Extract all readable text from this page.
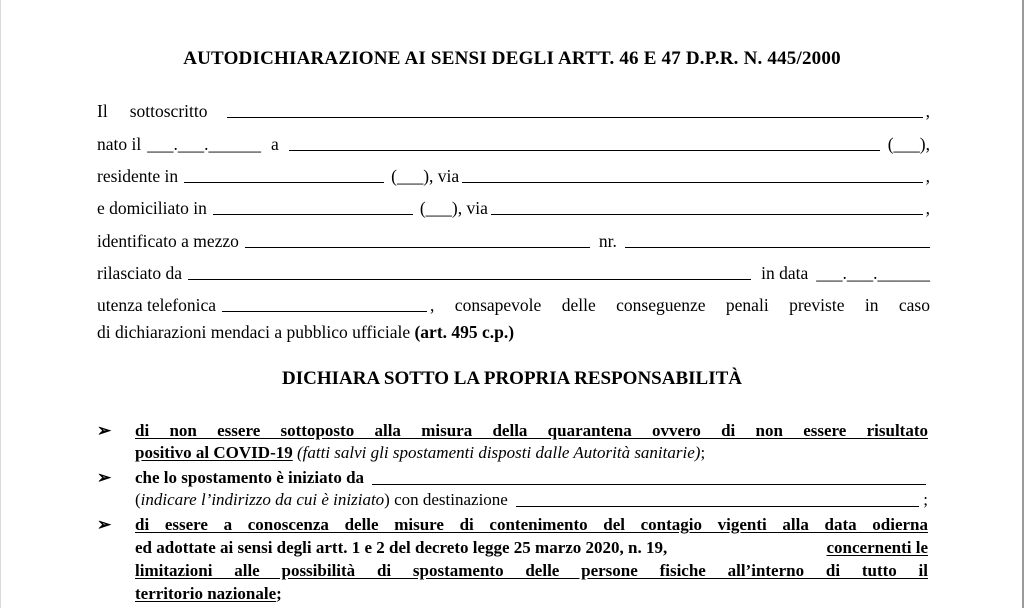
AUTODICHIARAZIONE AI SENSI DEGLI ARTT. 46 E 47 D.P.R. N. 445/2000
Il sottoscritto	,
nato il ___.___.______ a	(___),
residente in	(___), via	,
e domiciliato in	(___), via	,
identificato a mezzo	nr.
rilasciato da	in data ___.___.______
utenza telefonica	, consapevole delle conseguenze penali previste in caso
di dichiarazioni mendaci a pubblico ufficiale (art. 495 c.p.)
DICHIARA SOTTO LA PROPRIA RESPONSABILITÀ
➢ di non essere sottoposto alla misura della quarantena ovvero di non essere risultato
positivo al COVID-19 (fatti salvi gli spostamenti disposti dalle Autorità sanitarie);
➢ che lo spostamento è iniziato da
( indicare l’indirizzo da cui è iniziato ) con destinazione	;
➢ di essere a conoscenza delle misure di contenimento del contagio vigenti alla data odierna
ed adottate ai sensi degli artt. 1 e 2 del decreto legge 25 marzo 2020, n. 19,	concernenti le
limitazioni alle possibilità di spostamento delle persone fisiche all’interno di tutto il
territorio nazionale;
